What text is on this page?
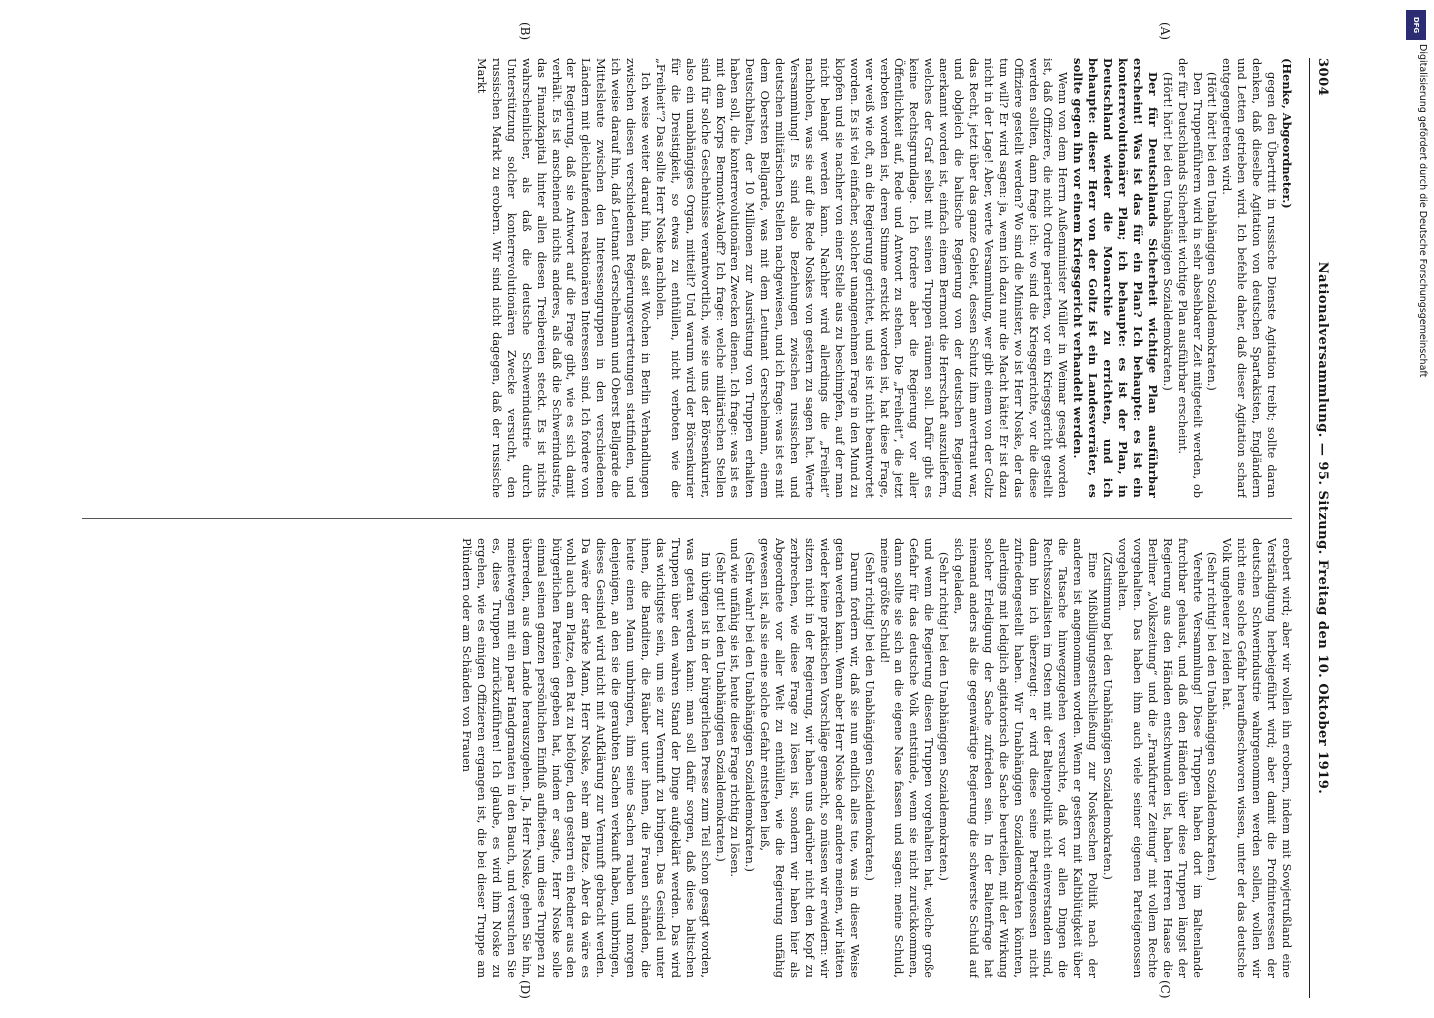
3004
Nationalversammlung. — 95. Sitzung. Freitag den 10. Oktober 1919.
(A)
(B)
(C)
(D)

(Henke, Abgeordneter.)

gegen den Übertritt in russische Dienste Agitation treibt; sollte daran denken, daß dieselbe Agitation von deutschen Spartakisten, Engländern und Letten getrieben wird. Ich befehle daher, daß dieser Agitation scharf entgegengetreten wird.

(Hört! hört! bei den Unabhängigen Sozialdemokraten.)

Den Truppenführern wird in sehr absehbarer Zeit mitgeteilt werden, ob der für Deutschlands Sicherheit wichtige Plan ausführbar erscheint.

(Hört! hört! bei den Unabhängigen Sozialdemokraten.)

Der für Deutschlands Sicherheit wichtige Plan ausführbar erscheint! Was ist das für ein Plan? Ich behaupte: es ist ein konterrevolutionärer Plan; ich behaupte: es ist der Plan, in Deutschland wieder die Monarchie zu errichten, und ich behaupte: dieser Herr von der Goltz ist ein Landesverräter, es sollte gegen ihn vor einem Kriegsgericht verhandelt werden.

Wenn von dem Herrn Außenminister Müller in Weimar gesagt worden ist, daß Offiziere, die nicht Ordre parierten, vor ein Kriegsgericht gestellt werden sollten, dann frage ich: wo sind die Kriegsgerichte, vor die diese Offiziere gestellt werden? Wo sind die Minister, wo ist Herr Noske, der das tun will? Er wird sagen: ja, wenn ich dazu nur die Macht hätte! Er ist dazu nicht in der Lage! Aber, werte Versammlung, wer gibt einem von der Goltz das Recht, jetzt über das ganze Gebiet, dessen Schutz ihm anvertraut war, und obgleich die baltische Regierung von der deutschen Regierung anerkannt worden ist, einfach einem Bermont die Herrschaft auszuliefern, welches der Graf selbst mit seinen Truppen räumen soll. Dafür gibt es keine Rechtsgrundlage. Ich fordere aber die Regierung vor aller Öffentlichkeit auf, Rede und Antwort zu stehen. Die „Freiheit“, die jetzt verboten worden ist, deren Stimme erstickt worden ist, hat diese Frage, wer weiß wie oft, an die Regierung gerichtet, und sie ist nicht beantwortet worden. Es ist viel einfacher, solcher unangenehmen Frage in den Mund zu klopfen und sie nachher von einer Stelle aus zu beschimpfen, auf der man nicht belangt werden kann. Nachher wird allerdings die „Freiheit“ nachholen, was sie auf die Rede Noskes von gestern zu sagen hat. Werte Versammlung! Es sind also Beziehungen zwischen russischen und deutschen militärischen Stellen nachgewiesen, und ich frage: was ist es mit dem Obersten Bellgarde, was mit dem Leutnant Gerschelmann, einem Deutschbalten, der 10 Millionen zur Ausrüstung von Truppen erhalten haben soll, die konterrevolutionären Zwecken dienen. Ich frage: was ist es mit dem Korps Bermont-Avaloff? Ich frage: welche militärischen Stellen sind für solche Geschehnisse verantwortlich, wie sie uns der Börsenkurier, also ein unabhängiges Organ, mitteilt? Und warum wird der Börsenkurier für die Dreistigkeit, so etwas zu enthüllen, nicht verboten wie die „Freiheit“? Das sollte Herr Noske nachholen.

Ich weise weiter darauf hin, daß seit Wochen in Berlin Verhandlungen zwischen diesen verschiedenen Regierungsvertretungen stattfinden, und ich weise darauf hin, daß Leutnant Gerschelmann und Oberst Bellgarde die Mittelsleute zwischen den Interessengruppen in den verschiedenen Ländern mit gleichlaufenden reaktionären Interessen sind. Ich fordere von der Regierung, daß sie Antwort auf die Frage gibt, wie es sich damit verhält. Es ist anscheinend nichts anderes, als daß die Schwerindustrie, das Finanzkapital hinter allen diesen Treibereien steckt. Es ist nichts wahrscheinlicher, als daß die deutsche Schwerindustrie durch Unterstützung solcher konterrevolutionären Zwecke versucht, den russischen Markt zu erobern. Wir sind nicht dagegen, daß der russische Markt

erobert wird; aber wir wollen ihn erobern, indem mit Sowjetrußland eine Verständigung herbeigeführt wird; aber damit die Profitinteressen der deutschen Schwerindustrie wahrgenommen werden sollen, wollen wir nicht eine solche Gefahr heraufbeschworen wissen, unter der das deutsche Volk ungeheuer zu leiden hat.

(Sehr richtig! bei den Unabhängigen Sozialdemokraten.)

Verehrte Versammlung! Diese Truppen haben dort im Baltenlande furchtbar gehaust, und daß den Händen über diese Truppen längst der Regierung aus den Händen entschwunden ist, haben Herren Haase die Berliner „Volkszeitung“ und die „Frankfurter Zeitung“ mit vollem Rechte vorgehalten. Das haben ihm auch viele seiner eigenen Parteigenossen vorgehalten.

(Zustimmung bei den Unabhängigen Sozialdemokraten.)

Eine Mißbilligungsentschließung zur Noskeschen Politik nach der anderen ist angenommen worden. Wenn er gestern mit Kaltblütigkeit über die Tatsache hinwegzugehen versuchte, daß vor allen Dingen die Rechtssozialisten im Osten mit der Baltenpolitik nicht einverstanden sind, dann bin ich überzeugt: er wird diese seine Parteigenossen nicht zufriedengestellt haben. Wir Unabhängigen Sozialdemokraten könnten, allerdings mit lediglich agitatorisch die Sache beurteilen, mit der Wirkung solcher Erledigung der Sache zufrieden sein. In der Baltenfrage hat niemand anders als die gegenwärtige Regierung die schwerste Schuld auf sich geladen,

(Sehr richtig! bei den Unabhängigen Sozialdemokraten.)

und wenn die Regierung diesen Truppen vorgehalten hat, welche große Gefahr für das deutsche Volk entstünde, wenn sie nicht zurückkommen, dann sollte sie sich an die eigene Nase fassen und sagen: meine Schuld, meine größte Schuld!

(Sehr richtig! bei den Unabhängigen Sozialdemokraten.)

Darum fordern wir, daß sie nun endlich alles tue, was in dieser Weise getan werden kann. Wenn aber Herr Noske oder andere meinen, wir hätten wieder keine praktischen Vorschläge gemacht, so müssen wir erwidern: wir sitzen nicht in der Regierung, wir haben uns darüber nicht den Kopf zu zerbrechen, wie diese Frage zu lösen ist, sondern wir haben hier als Abgeordnete vor aller Welt zu enthüllen, wie die Regierung unfähig gewesen ist, als sie eine solche Gefahr entstehen ließ,

(Sehr wahr! bei den Unabhängigen Sozialdemokraten.)

und wie unfähig sie ist, heute diese Frage richtig zu lösen.

(Sehr gut! bei den Unabhängigen Sozialdemokraten.)

Im übrigen ist in der bürgerlichen Presse zum Teil schon gesagt worden, was getan werden kann: man soll dafür sorgen, daß diese baltischen Truppen über den wahren Stand der Dinge aufgeklärt werden. Das wird das wichtigste sein, um sie zur Vernunft zu bringen. Das Gesindel unter ihnen, die Banditen, die Räuber unter ihnen, die Frauen schänden, die heute einen Mann umbringen, ihm seine Sachen rauben und morgen denjenigen, an den sie die geraubten Sachen verkauft haben, umbringen, dieses Gesindel wird nicht mit Aufklärung zur Vernunft gebracht werden. Da wäre der starke Mann, Herr Noske, sehr am Platze. Aber da wäre es wohl auch am Platze, den Rat zu befolgen, den gestern ein Redner aus den bürgerlichen Parteien gegeben hat, indem er sagte, Herr Noske solle einmal seinen ganzen persönlichen Einfluß aufbieten, um diese Truppen zu überreden, aus dem Lande herauszugehen. Ja, Herr Noske, gehen Sie hin, meinetwegen mit ein paar Handgranaten in den Bauch, und versuchen Sie es, diese Truppen zurückzuführen! Ich glaube, es wird ihm Noske zu ergehen, wie es einigen Offizieren ergangen ist, die bei dieser Truppe am Plündern oder am Schänden von Frauen

DFG
Digitalisierung gefördert durch die Deutsche Forschungsgemeinschaft
